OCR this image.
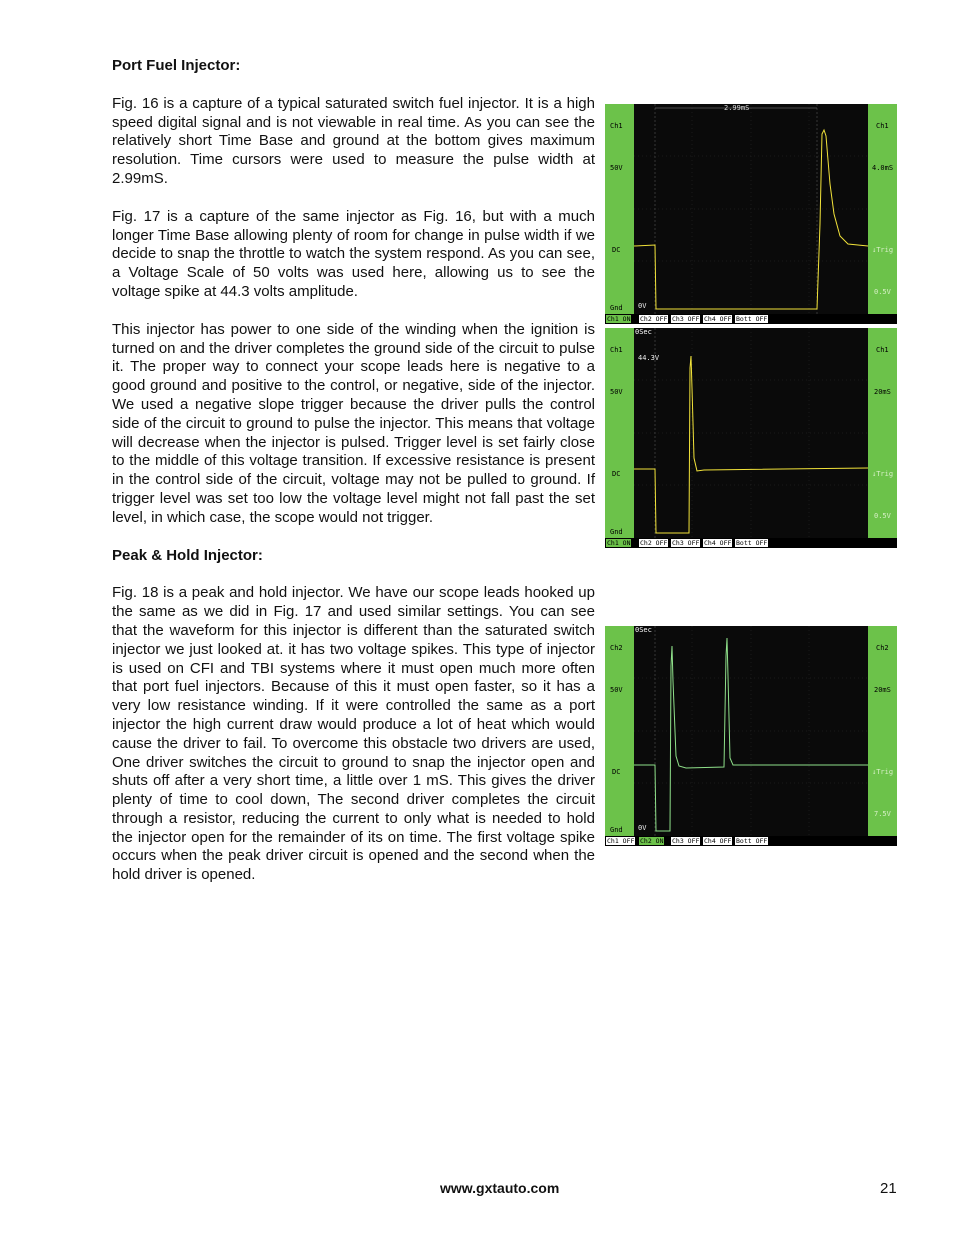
Port Fuel Injector:

Fig. 16 is a capture of a typical saturated switch fuel injector. It is a high speed digital signal and is not viewable in real time. As you can see the relatively short Time Base and ground at the bottom gives maximum resolution. Time cursors were used to measure the pulse width at 2.99mS.

Fig. 17 is a capture of the same injector as Fig. 16, but with a much longer Time Base allowing plenty of room for change in pulse width if we decide to snap the throttle to watch the system respond. As you can see, a Voltage Scale of 50 volts was used here, allowing us to see the voltage spike at 44.3 volts amplitude.

This injector has power to one side of the winding when the ignition is turned on and the driver completes the ground side of the circuit to pulse it. The proper way to connect your scope leads here is negative to a good ground and positive to the control, or negative, side of the injector. We used a negative slope trigger because the driver pulls the control side of the circuit to ground to pulse the injector. This means that voltage will decrease when the injector is pulsed. Trigger level is set fairly close to the middle of this voltage transition. If excessive resistance is present in the control side of the circuit, voltage may not be pulled to ground. If trigger level was set too low the voltage level might not fall past the set level, in which case, the scope would not trigger.

Peak & Hold Injector:

Fig. 18 is a peak and hold injector. We have our scope leads hooked up the same as we did in Fig. 17 and used similar settings. You can see that the waveform for this injector is different than the saturated switch injector we just looked at. it has two voltage spikes. This type of injector is used on CFI and TBI systems where it must open much more often that port fuel injectors. Because of this it must open faster, so it has a very low resistance winding. If it were controlled the same as a port injector the high current draw would produce a lot of heat which would cause the driver to fail. To overcome this obstacle two drivers are used, One driver switches the circuit to ground to snap the injector open and shuts off after a very short time, a little over 1 mS. This gives the driver plenty of time to cool down, The second driver completes the circuit through a resistor, reducing the current to only what is needed to hold the injector open for the remainder of its on time. The first voltage spike occurs when the peak driver circuit is opened and the second when the hold driver is opened.

Ch1
50V
DC
Gnd
2.99mS
0V
Ch1
4.0mS
↓Trig
0.5V
Ch1 ON Ch2 OFF Ch3 OFF Ch4 OFF Bott OFF
Ch1
50V
DC
Gnd
0Sec
44.3V
Ch1
20mS
↓Trig
0.5V
Ch1 ON Ch2 OFF Ch3 OFF Ch4 OFF Bott OFF
Ch2
50V
DC
Gnd
0Sec
0V
Ch2
20mS
↓Trig
7.5V
Ch1 OFF Ch2 ON Ch3 OFF Ch4 OFF Bott OFF
www.gxtauto.com	21
